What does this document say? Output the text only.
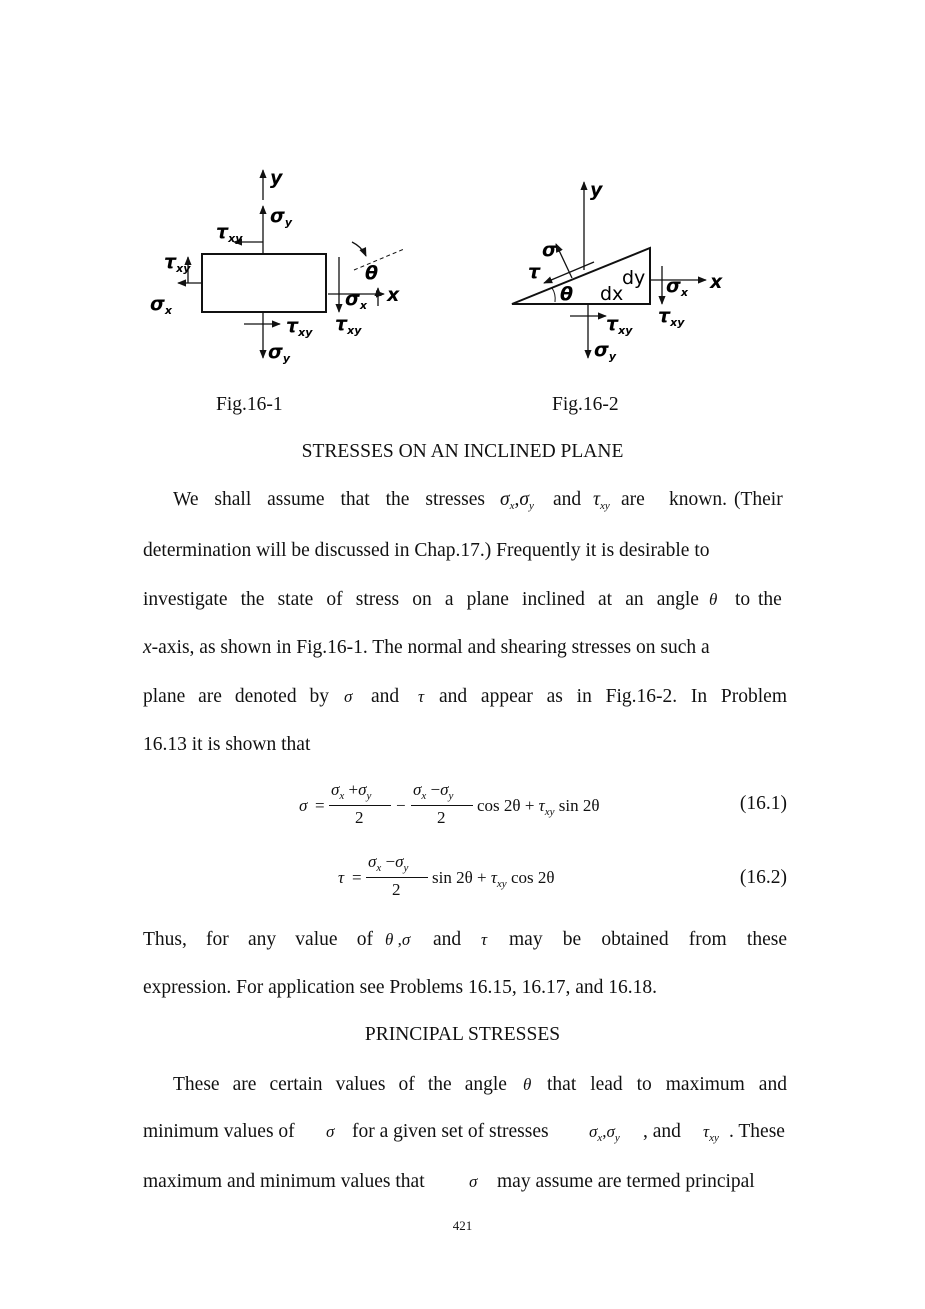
y
$\sigma_y$
$\tau_{xy}$
$\tau_{xy}$
$\sigma_x$
θ
x
$\sigma_x$
$\tau_{xy}$
$\tau_{xy}$
$\sigma_y$
y
σ
τ
θ dx
dy	x
$\sigma_x$
$\tau_{xy}$
$\tau_{xy}$
$\sigma_y$
Fig.16-1	Fig.16-2
STRESSES ON AN INCLINED PLANE
We shall assume that the stresses $\sigma_x,\sigma_y$ and $\tau_{xy}$ are known. (Their
determination will be discussed in Chap.17.) Frequently it is desirable to
investigate the state of stress on a plane inclined at an angle θ to the
x-axis, as shown in Fig.16-1. The normal and shearing stresses on such a
plane are denoted by σ and τ and appear as in Fig.16-2. In Problem
16.13 it is shown that
σ =
$\sigma_x +\sigma_y$
2
−
$\sigma_x -\sigma_y$
2
$\cos 2\theta + \tau_{xy}$ sin 2θ	(16.1)
τ =
$\sigma_x -\sigma_y$
2
$\sin 2\theta + \tau_{xy}$ cos 2θ	(16.2)
Thus, for any value of θ ,σ and τ may be obtained from these
expression. For application see Problems 16.15, 16.17, and 16.18.
PRINCIPAL STRESSES
These are certain values of the angle θ that lead to maximum and
minimum values of σ for a given set of stresses $\sigma_x,\sigma_y$ , and $\tau_{xy}$ . These
maximum and minimum values that	σ may assume are termed principal
421
